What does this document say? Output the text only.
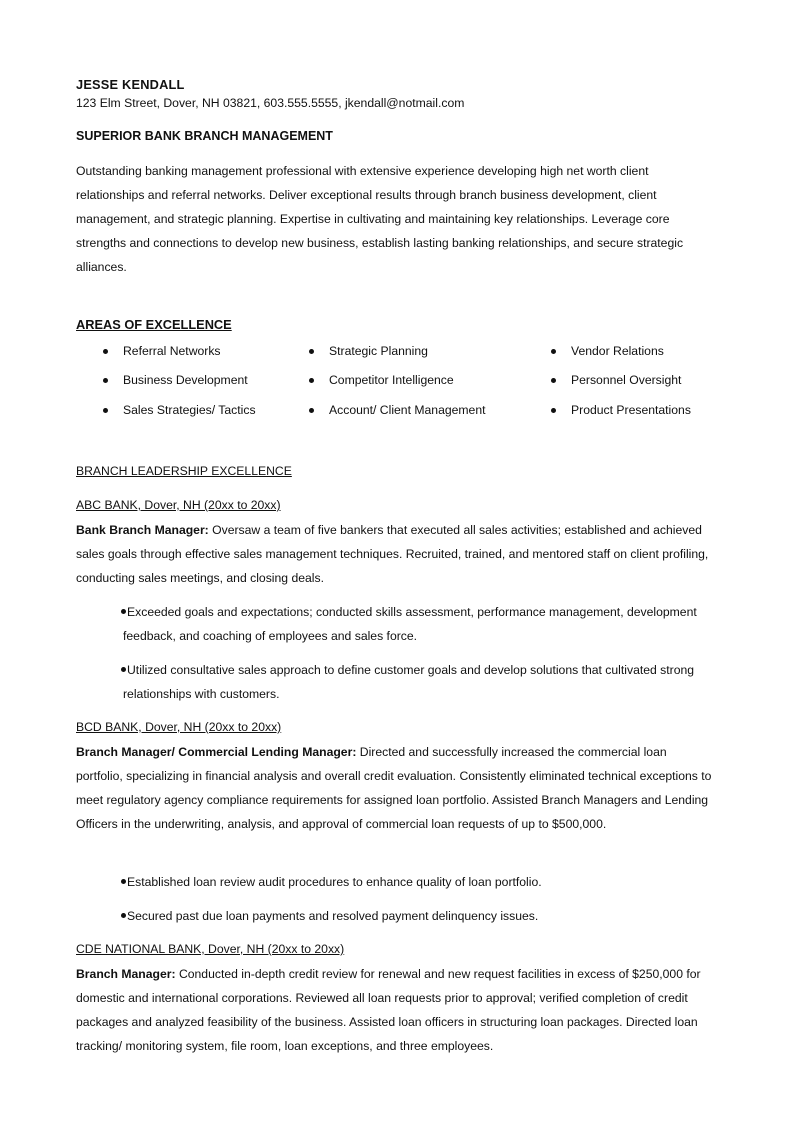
JESSE KENDALL
123 Elm Street, Dover, NH 03821, 603.555.5555, jkendall@notmail.com
SUPERIOR BANK BRANCH MANAGEMENT

Outstanding banking management professional with extensive experience developing high net worth client relationships and referral networks. Deliver exceptional results through branch business development, client management, and strategic planning. Expertise in cultivating and maintaining key relationships. Leverage core strengths and connections to develop new business, establish lasting banking relationships, and secure strategic alliances.

AREAS OF EXCELLENCE
Referral Networks
Business Development
Sales Strategies/ Tactics
Strategic Planning
Competitor Intelligence
Account/ Client Management
Vendor Relations
Personnel Oversight
Product Presentations
BRANCH LEADERSHIP EXCELLENCE
ABC BANK, Dover, NH (20xx to 20xx)

Bank Branch Manager: Oversaw a team of five bankers that executed all sales activities; established and achieved sales goals through effective sales management techniques. Recruited, trained, and mentored staff on client profiling, conducting sales meetings, and closing deals.

Exceeded goals and expectations; conducted skills assessment, performance management, development feedback, and coaching of employees and sales force.

Utilized consultative sales approach to define customer goals and develop solutions that cultivated strong relationships with customers.

BCD BANK, Dover, NH (20xx to 20xx)

Branch Manager/ Commercial Lending Manager: Directed and successfully increased the commercial loan portfolio, specializing in financial analysis and overall credit evaluation. Consistently eliminated technical exceptions to meet regulatory agency compliance requirements for assigned loan portfolio. Assisted Branch Managers and Lending Officers in the underwriting, analysis, and approval of commercial loan requests of up to $500,000.

Established loan review audit procedures to enhance quality of loan portfolio.

Secured past due loan payments and resolved payment delinquency issues.

CDE NATIONAL BANK, Dover, NH (20xx to 20xx)

Branch Manager: Conducted in-depth credit review for renewal and new request facilities in excess of $250,000 for domestic and international corporations. Reviewed all loan requests prior to approval; verified completion of credit packages and analyzed feasibility of the business. Assisted loan officers in structuring loan packages. Directed loan tracking/ monitoring system, file room, loan exceptions, and three employees.
